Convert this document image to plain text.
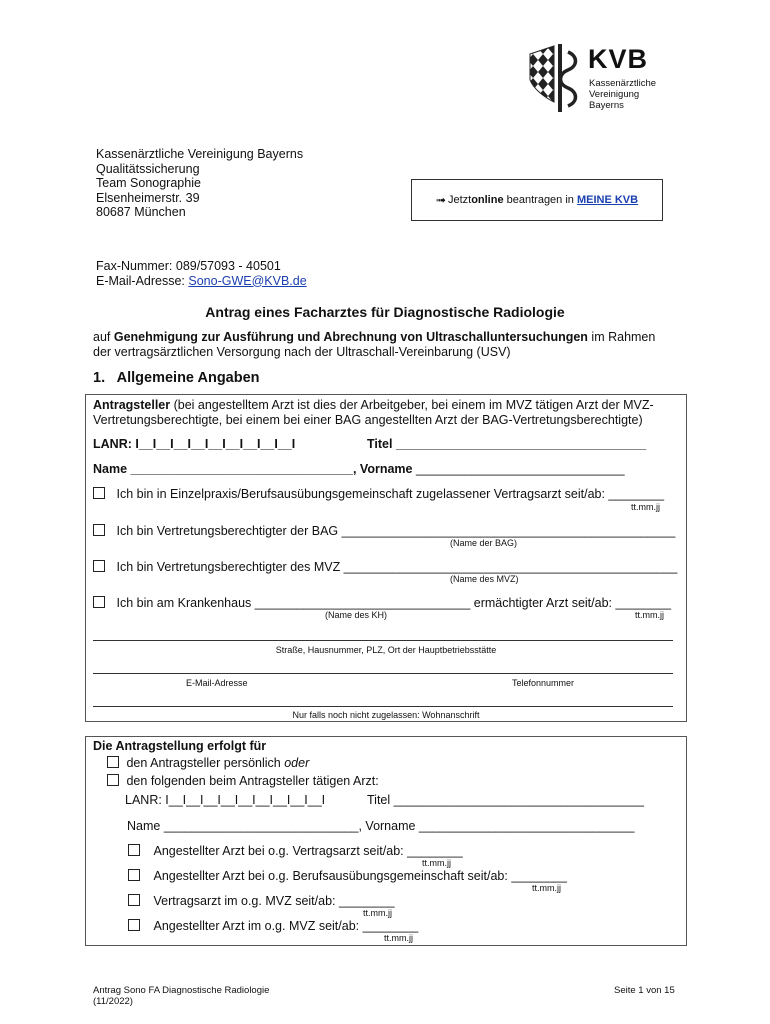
KVB
Kassenärztliche
Vereinigung
Bayerns
Kassenärztliche Vereinigung Bayerns
Qualitätssicherung
Team Sonographie
Elsenheimerstr. 39
80687 München
➟ Jetzt online beantragen in MEINE KVB
Fax-Nummer: 089/57093 - 40501
E-Mail-Adresse: Sono-GWE@KVB.de
Antrag eines Facharztes für Diagnostische Radiologie
auf Genehmigung zur Ausführung und Abrechnung von Ultraschalluntersuchungen im Rahmen
der vertragsärztlichen Versorgung nach der Ultraschall-Vereinbarung (USV)
1.   Allgemeine Angaben
Antragsteller (bei angestelltem Arzt ist dies der Arbeitgeber, bei einem im MVZ tätigen Arzt der MVZ-
Vertretungsberechtigte, bei einem bei einer BAG angestellten Arzt der BAG-Vertretungsberechtigte)
LANR: I__I__I__I__I__I__I__I__I__I	Titel ____________________________________
Name ________________________________, Vorname ______________________________
Ich bin in Einzelpraxis/Berufsausübungsgemeinschaft zugelassener Vertragsarzt seit/ab: ________
tt.mm.jj
Ich bin Vertretungsberechtigter der BAG ________________________________________________
(Name der BAG)
Ich bin Vertretungsberechtigter des MVZ ________________________________________________
(Name des MVZ)
Ich bin am Krankenhaus _______________________________ ermächtigter Arzt seit/ab: ________
(Name des KH)	tt.mm.jj
Straße, Hausnummer, PLZ, Ort der Hauptbetriebsstätte
E-Mail-Adresse	Telefonnummer
Nur falls noch nicht zugelassen: Wohnanschrift
Die Antragstellung erfolgt für
den Antragsteller persönlich oder
den folgenden beim Antragsteller tätigen Arzt:
LANR: I__I__I__I__I__I__I__I__I__I	Titel ____________________________________
Name ____________________________, Vorname _______________________________
Angestellter Arzt bei o.g. Vertragsarzt seit/ab: ________
tt.mm.jj
Angestellter Arzt bei o.g. Berufsausübungsgemeinschaft seit/ab: ________
tt.mm.jj
Vertragsarzt im o.g. MVZ seit/ab: ________
tt.mm.jj
Angestellter Arzt im o.g. MVZ seit/ab: ________
tt.mm.jj
Antrag Sono FA Diagnostische Radiologie
(11/2022)
Seite 1 von 15
